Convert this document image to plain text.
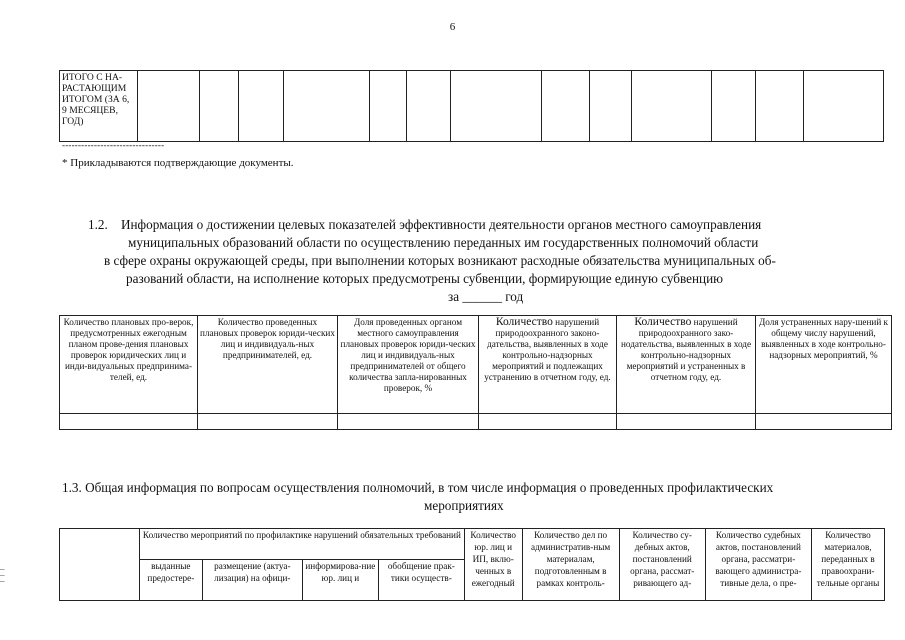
6
ИТОГО С НА-РАСТАЮЩИМ ИТОГОМ (ЗА 6, 9 МЕСЯЦЕВ, ГОД)													
--------------------------------
* Прикладываются подтверждающие документы.
1.2. Информация о достижении целевых показателей эффективности деятельности органов местного самоуправления
муниципальных образований области по осуществлению переданных им государственных полномочий области
в сфере охраны окружающей среды, при выполнении которых возникают расходные обязательства муниципальных об-
разований области, на исполнение которых предусмотрены субвенции, формирующие единую субвенцию
за ______ год
Количество плановых про-верок, предусмотренных ежегодным планом прове-дения плановых проверок юридических лиц и инди-видуальных предпринима-телей, ед.	Количество проведенных плановых проверок юриди-ческих лиц и индивидуаль-ных предпринимателей, ед.	Доля проведенных органом местного самоуправления плановых проверок юриди-ческих лиц и индивидуаль-ных предпринимателей от общего количества запла-нированных проверок, %	Количество нарушений природоохранного законо-дательства, выявленных в ходе контрольно-надзорных мероприятий и подлежащих устранению в отчетном году, ед.	Количество нарушений природоохранного зако-нодательства, выявленных в ходе контрольно-надзорных мероприятий и устраненных в отчетном году, ед.	Доля устраненных нару-шений к общему числу нарушений, выявленных в ходе контрольно-надзорных мероприятий, %

1.3. Общая информация по вопросам осуществления полномочий, в том числе информация о проведенных профилактических
мероприятиях
	Количество мероприятий по профилактике нарушений обязательных требований				Количество юр. лиц и ИП, вклю-ченных в ежегодный	Количество дел по административ-ным материалам, подготовленным в рамках контроль-	Количество су-дебных актов, постановлений органа, рассмат-ривающего ад-	Количество судебных актов, постановлений органа, рассматри-вающего администра-тивные дела, о пре-	Количество материалов, переданных в правоохрани-тельные органы
	выданные предостере-	размещение (актуа-лизация) на офици-	информирова-ние юр. лиц и	обобщение прак-тики осуществ-					
–
–
–
